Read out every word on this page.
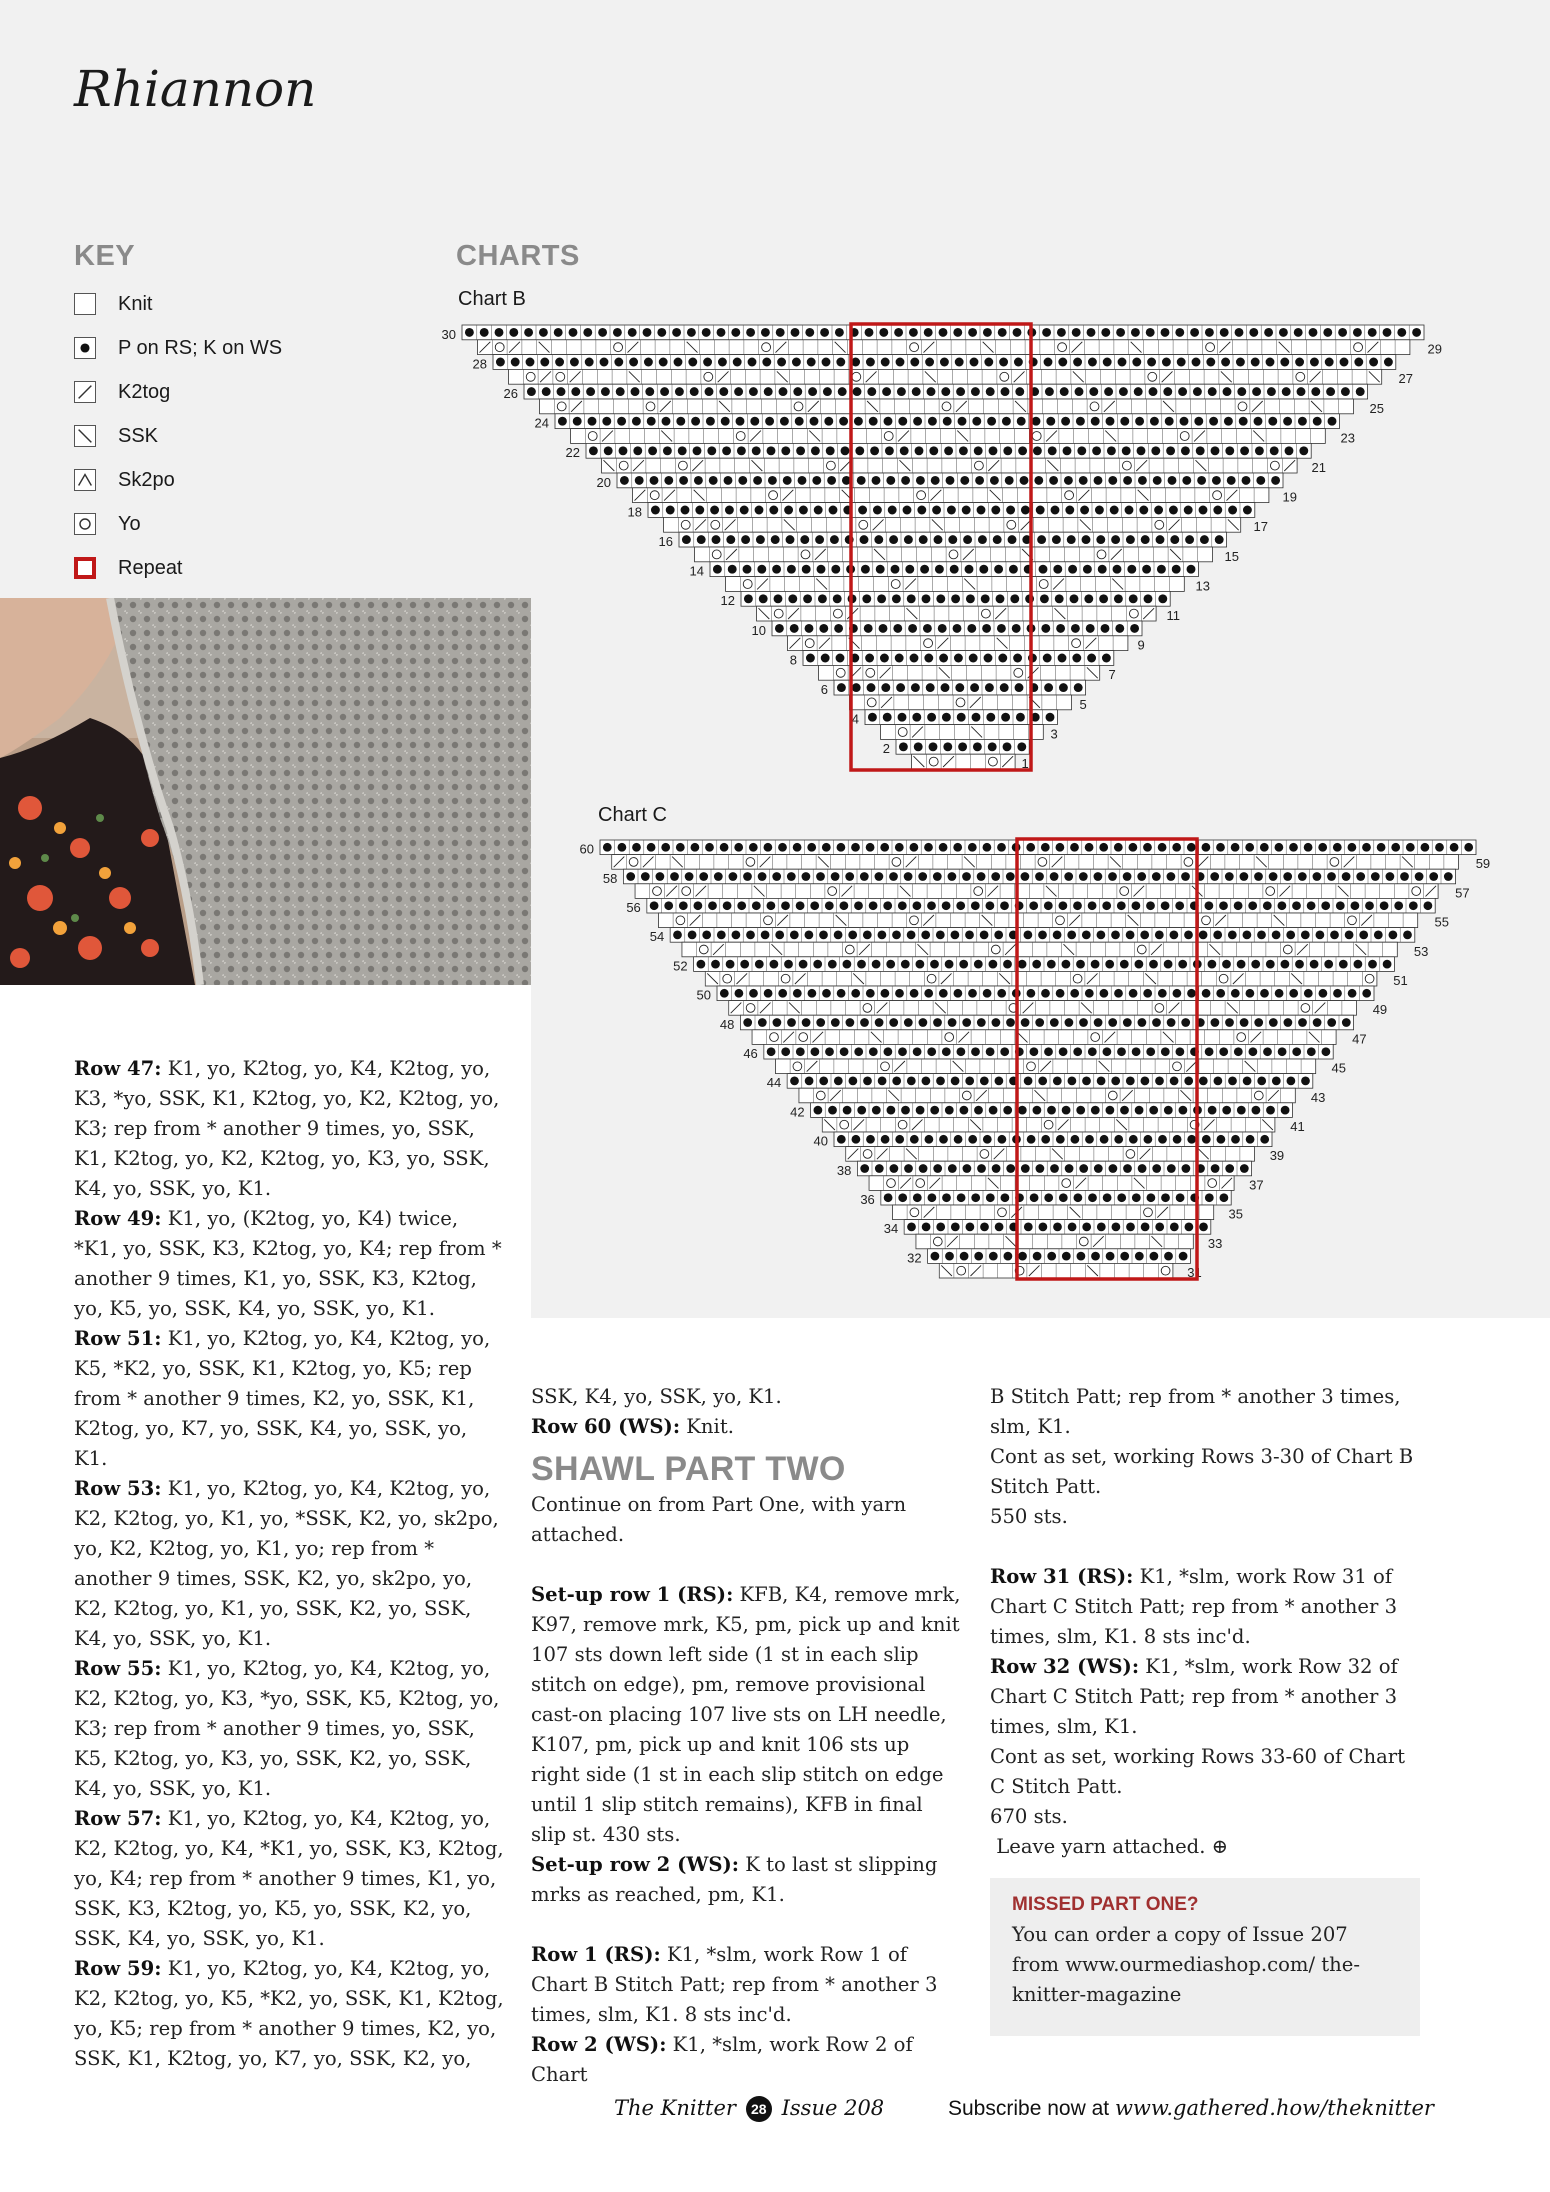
Rhiannon
KEY	CHARTS
Knit
P on RS; K on WS
K2tog
SSK
Sk2po
Yo
Repeat
Chart B
Chart C
30
29
28
27
26
25
24
23
22
21
20
19
18
17
16
15
14
13
12
11
10
9
8
7
6
5
4
3
2
1
60
59
58
57
56
55
54
53
52
51
50
49
48
47
46
45
44
43
42
41
40
39
38
37
36
35
34
33
32
31

Row 47: K1, yo, K2tog, yo, K4, K2tog, yo, K3, *yo, SSK, K1, K2tog, yo, K2, K2tog, yo, K3; rep from * another 9 times, yo, SSK, K1, K2tog, yo, K2, K2tog, yo, K3, yo, SSK, K4, yo, SSK, yo, K1.

Row 49: K1, yo, (K2tog, yo, K4) twice, *K1, yo, SSK, K3, K2tog, yo, K4; rep from * another 9 times, K1, yo, SSK, K3, K2tog, yo, K5, yo, SSK, K4, yo, SSK, yo, K1.

Row 51: K1, yo, K2tog, yo, K4, K2tog, yo, K5, *K2, yo, SSK, K1, K2tog, yo, K5; rep from * another 9 times, K2, yo, SSK, K1, K2tog, yo, K7, yo, SSK, K4, yo, SSK, yo, K1.

Row 53: K1, yo, K2tog, yo, K4, K2tog, yo, K2, K2tog, yo, K1, yo, *SSK, K2, yo, sk2po, yo, K2, K2tog, yo, K1, yo; rep from * another 9 times, SSK, K2, yo, sk2po, yo, K2, K2tog, yo, K1, yo, SSK, K2, yo, SSK, K4, yo, SSK, yo, K1.

Row 55: K1, yo, K2tog, yo, K4, K2tog, yo, K2, K2tog, yo, K3, *yo, SSK, K5, K2tog, yo, K3; rep from * another 9 times, yo, SSK, K5, K2tog, yo, K3, yo, SSK, K2, yo, SSK, K4, yo, SSK, yo, K1.

Row 57: K1, yo, K2tog, yo, K4, K2tog, yo, K2, K2tog, yo, K4, *K1, yo, SSK, K3, K2tog, yo, K4; rep from * another 9 times, K1, yo, SSK, K3, K2tog, yo, K5, yo, SSK, K2, yo, SSK, K4, yo, SSK, yo, K1.

Row 59: K1, yo, K2tog, yo, K4, K2tog, yo, K2, K2tog, yo, K5, *K2, yo, SSK, K1, K2tog, yo, K5; rep from * another 9 times, K2, yo, SSK, K1, K2tog, yo, K7, yo, SSK, K2, yo,

SSK, K4, yo, SSK, yo, K1.

Row 60 (WS): Knit.

SHAWL PART TWO

Continue on from Part One, with yarn attached.

Set-up row 1 (RS): KFB, K4, remove mrk, K97, remove mrk, K5, pm, pick up and knit 107 sts down left side (1 st in each slip stitch on edge), pm, remove provisional cast-on placing 107 live sts on LH needle, K107, pm, pick up and knit 106 sts up right side (1 st in each slip stitch on edge until 1 slip stitch remains), KFB in final slip st. 430 sts.

Set-up row 2 (WS): K to last st slipping mrks as reached, pm, K1.

Row 1 (RS): K1, *slm, work Row 1 of Chart B Stitch Patt; rep from * another 3 times, slm, K1. 8 sts inc'd.

Row 2 (WS): K1, *slm, work Row 2 of Chart

B Stitch Patt; rep from * another 3 times, slm, K1.

Cont as set, working Rows 3-30 of Chart B Stitch Patt.

550 sts.

Row 31 (RS): K1, *slm, work Row 31 of Chart C Stitch Patt; rep from * another 3 times, slm, K1. 8 sts inc'd.

Row 32 (WS): K1, *slm, work Row 32 of Chart C Stitch Patt; rep from * another 3 times, slm, K1.

Cont as set, working Rows 33-60 of Chart C Stitch Patt.

670 sts.

Leave yarn attached. ⊕

MISSED PART ONE?
You can order a copy of Issue 207 from www.ourmediashop.com/ the-knitter-magazine
The Knitter 28 Issue 208	Subscribe now at www.gathered.how/theknitter
